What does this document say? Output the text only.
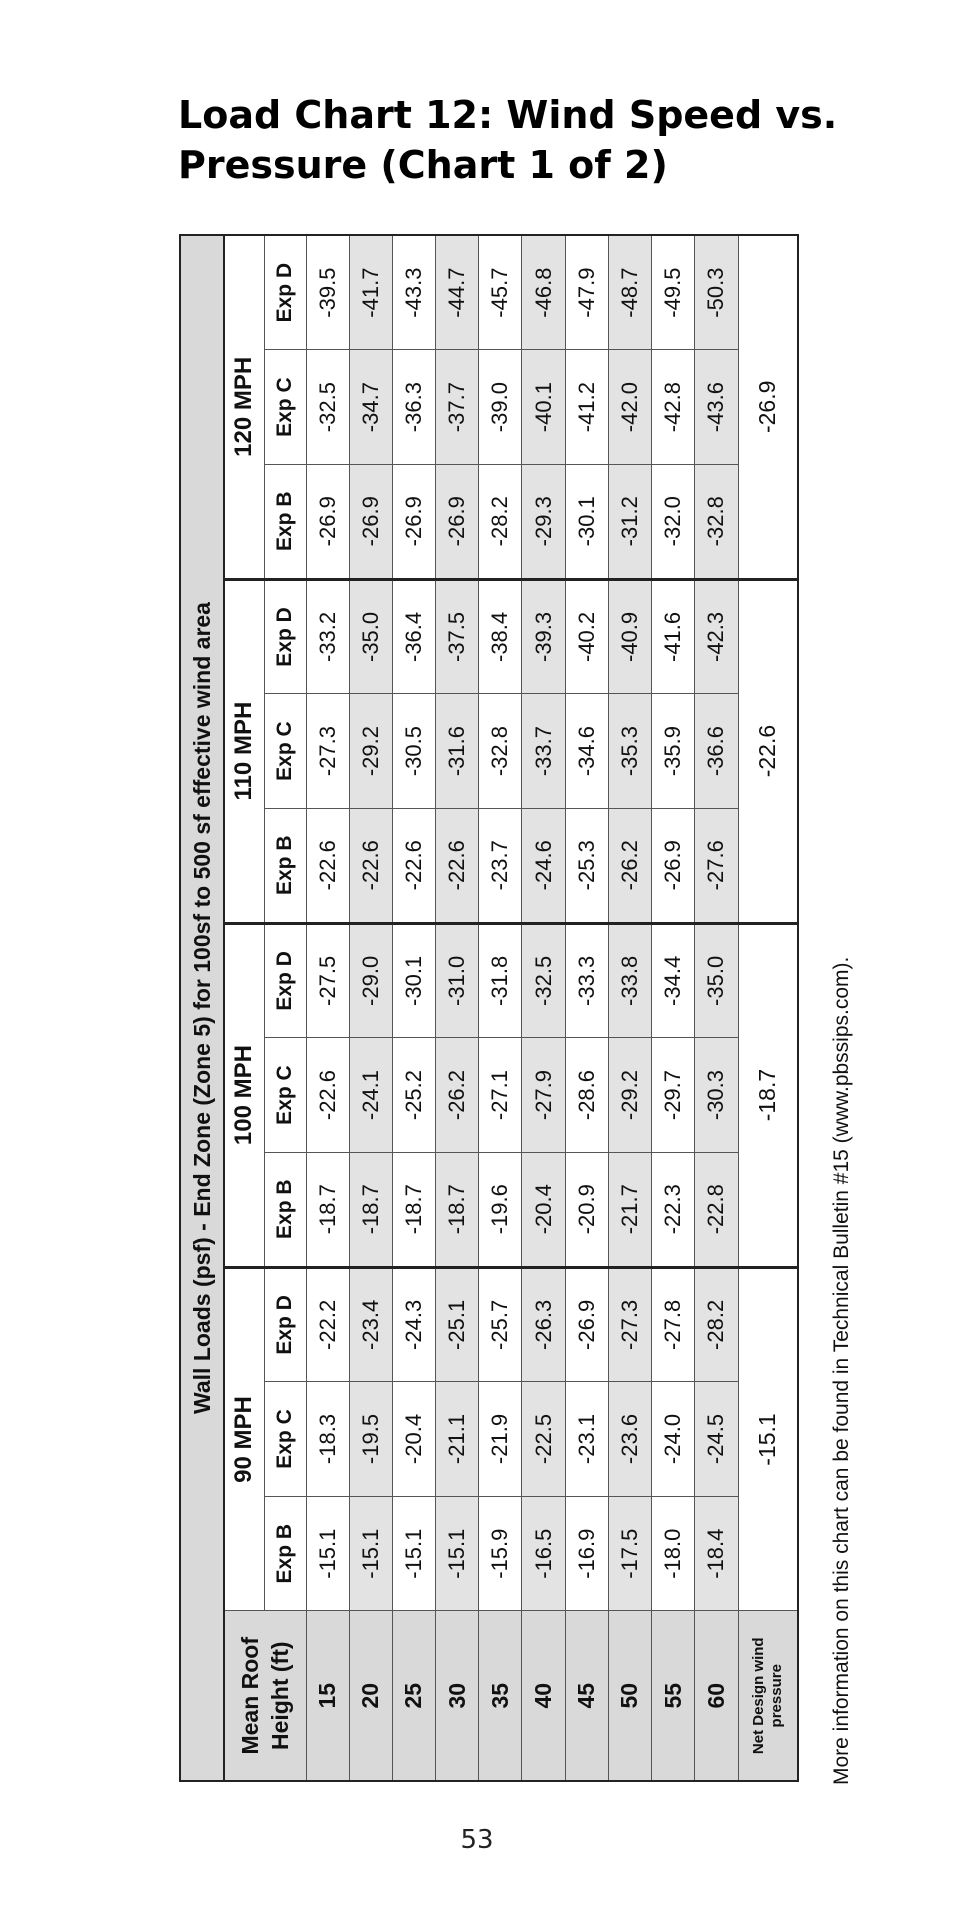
Load Chart 12: Wind Speed vs.
Pressure (Chart 1 of 2)
Wall Loads (psf) - End Zone (Zone 5) for 100sf to 500 sf effective wind area												

Mean Roof Height (ft)	90 MPH			100 MPH			110 MPH			120 MPH		
	Exp B	Exp C	Exp D	Exp B	Exp C	Exp D	Exp B	Exp C	Exp D	Exp B	Exp C	Exp D
15	-15.1	-18.3	-22.2	-18.7	-22.6	-27.5	-22.6	-27.3	-33.2	-26.9	-32.5	-39.5
20	-15.1	-19.5	-23.4	-18.7	-24.1	-29.0	-22.6	-29.2	-35.0	-26.9	-34.7	-41.7
25	-15.1	-20.4	-24.3	-18.7	-25.2	-30.1	-22.6	-30.5	-36.4	-26.9	-36.3	-43.3
30	-15.1	-21.1	-25.1	-18.7	-26.2	-31.0	-22.6	-31.6	-37.5	-26.9	-37.7	-44.7
35	-15.9	-21.9	-25.7	-19.6	-27.1	-31.8	-23.7	-32.8	-38.4	-28.2	-39.0	-45.7
40	-16.5	-22.5	-26.3	-20.4	-27.9	-32.5	-24.6	-33.7	-39.3	-29.3	-40.1	-46.8
45	-16.9	-23.1	-26.9	-20.9	-28.6	-33.3	-25.3	-34.6	-40.2	-30.1	-41.2	-47.9
50	-17.5	-23.6	-27.3	-21.7	-29.2	-33.8	-26.2	-35.3	-40.9	-31.2	-42.0	-48.7
55	-18.0	-24.0	-27.8	-22.3	-29.7	-34.4	-26.9	-35.9	-41.6	-32.0	-42.8	-49.5
60	-18.4	-24.5	-28.2	-22.8	-30.3	-35.0	-27.6	-36.6	-42.3	-32.8	-43.6	-50.3

Net Design wind pressure	-15.1			-18.7			-22.6			-26.9		
More information on this chart can be found in Technical Bulletin #15 (www.pbssips.com).
53
